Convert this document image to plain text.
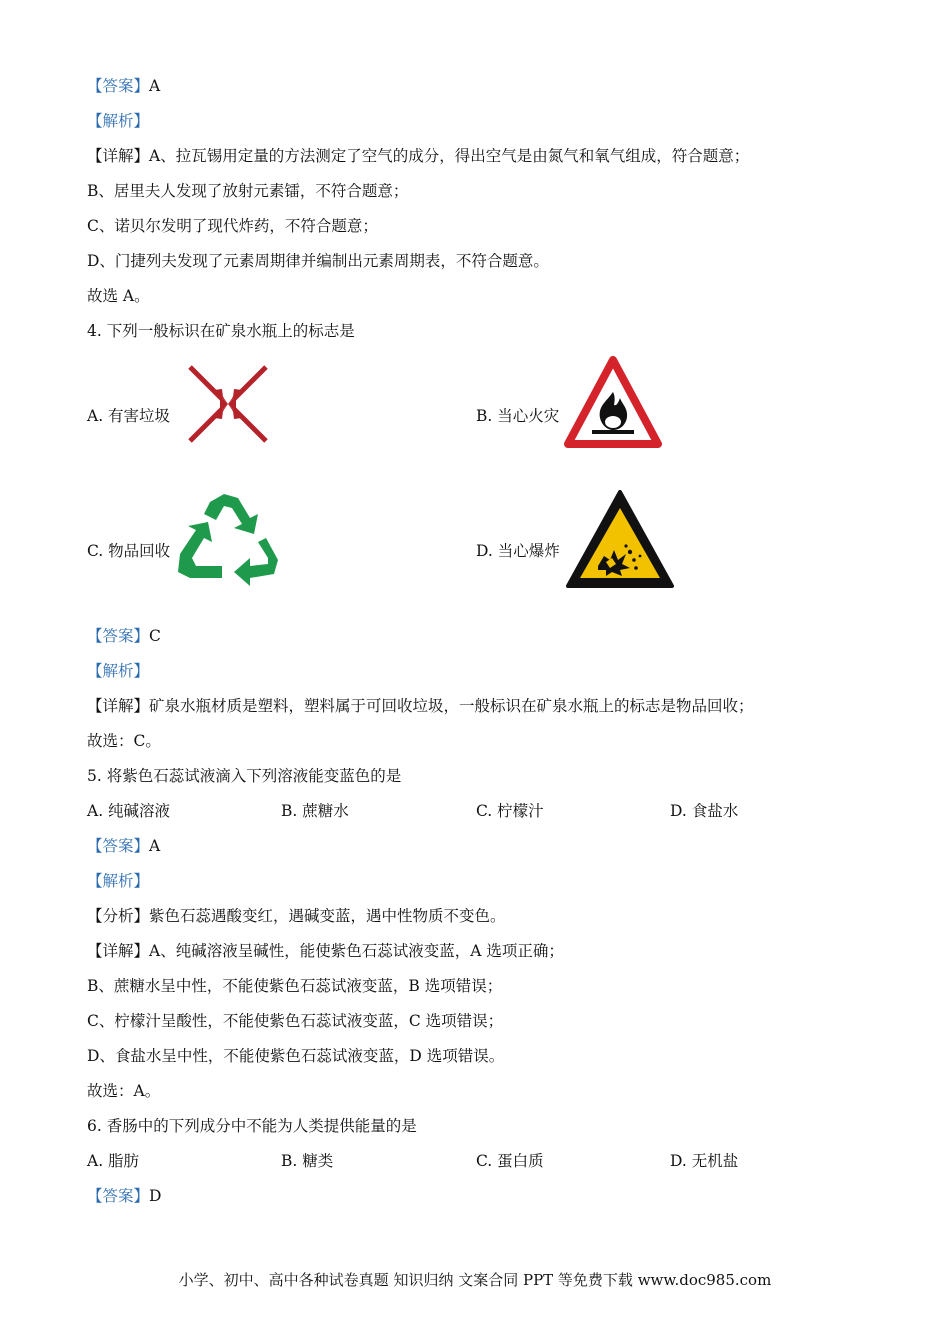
【答案】A
【解析】
【详解】A、拉瓦锡用定量的方法测定了空气的成分，得出空气是由氮气和氧气组成，符合题意；
B、居里夫人发现了放射元素镭，不符合题意；
C、诺贝尔发明了现代炸药，不符合题意；
D、门捷列夫发现了元素周期律并编制出元素周期表，不符合题意。
故选 A。
4. 下列一般标识在矿泉水瓶上的标志是
A. 有害垃圾	B. 当心火灾
C. 物品回收	D. 当心爆炸
【答案】C
【解析】
【详解】矿泉水瓶材质是塑料，塑料属于可回收垃圾，一般标识在矿泉水瓶上的标志是物品回收；
故选：C。
5. 将紫色石蕊试液滴入下列溶液能变蓝色的是
A. 纯碱溶液	B. 蔗糖水	C. 柠檬汁	D. 食盐水
【答案】A
【解析】
【分析】紫色石蕊遇酸变红，遇碱变蓝，遇中性物质不变色。
【详解】A、纯碱溶液呈碱性，能使紫色石蕊试液变蓝，A 选项正确；
B、蔗糖水呈中性，不能使紫色石蕊试液变蓝，B 选项错误；
C、柠檬汁呈酸性，不能使紫色石蕊试液变蓝，C 选项错误；
D、食盐水呈中性，不能使紫色石蕊试液变蓝，D 选项错误。
故选：A。
6. 香肠中的下列成分中不能为人类提供能量的是
A. 脂肪	B. 糖类	C. 蛋白质	D. 无机盐
【答案】D
小学、初中、高中各种试卷真题 知识归纳 文案合同 PPT 等免费下载 www.doc985.com
